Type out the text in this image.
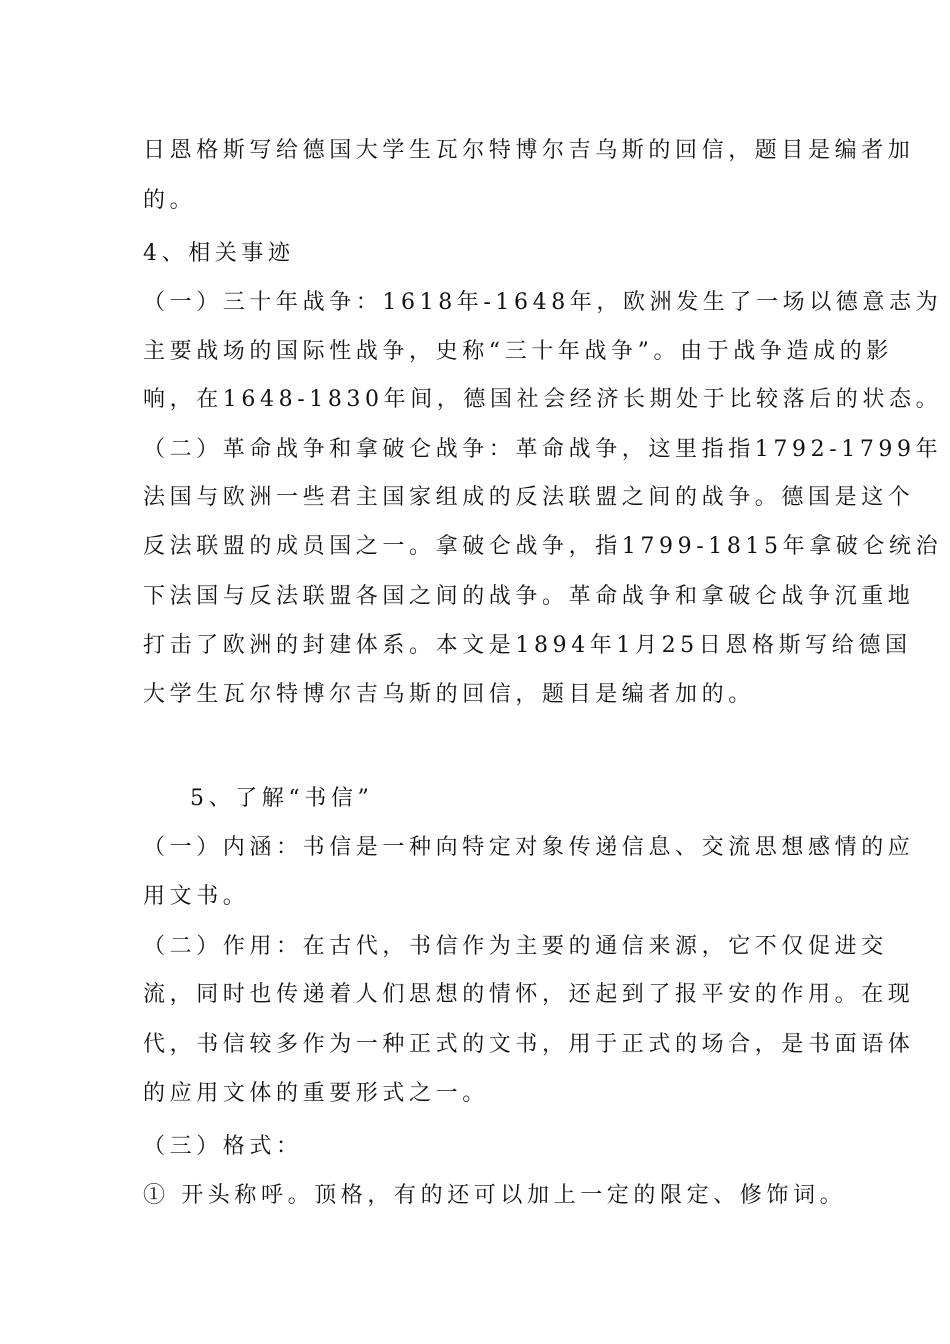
日恩格斯写给德国大学生瓦尔特博尔吉乌斯的回信，题目是编者加
的。
4、相关事迹
（一）三十年战争：1618年-1648年，欧洲发生了一场以德意志为
主要战场的国际性战争，史称“三十年战争”。由于战争造成的影
响，在1648-1830年间，德国社会经济长期处于比较落后的状态。
（二）革命战争和拿破仑战争：革命战争，这里指指1792-1799年
法国与欧洲一些君主国家组成的反法联盟之间的战争。德国是这个
反法联盟的成员国之一。拿破仑战争，指1799-1815年拿破仑统治
下法国与反法联盟各国之间的战争。革命战争和拿破仑战争沉重地
打击了欧洲的封建体系。本文是1894年1月25日恩格斯写给德国
大学生瓦尔特博尔吉乌斯的回信，题目是编者加的。
5、了解“书信”
（一）内涵：书信是一种向特定对象传递信息、交流思想感情的应
用文书。
（二）作用：在古代，书信作为主要的通信来源，它不仅促进交
流，同时也传递着人们思想的情怀，还起到了报平安的作用。在现
代，书信较多作为一种正式的文书，用于正式的场合，是书面语体
的应用文体的重要形式之一。
（三）格式：
① 开头称呼。顶格，有的还可以加上一定的限定、修饰词。
